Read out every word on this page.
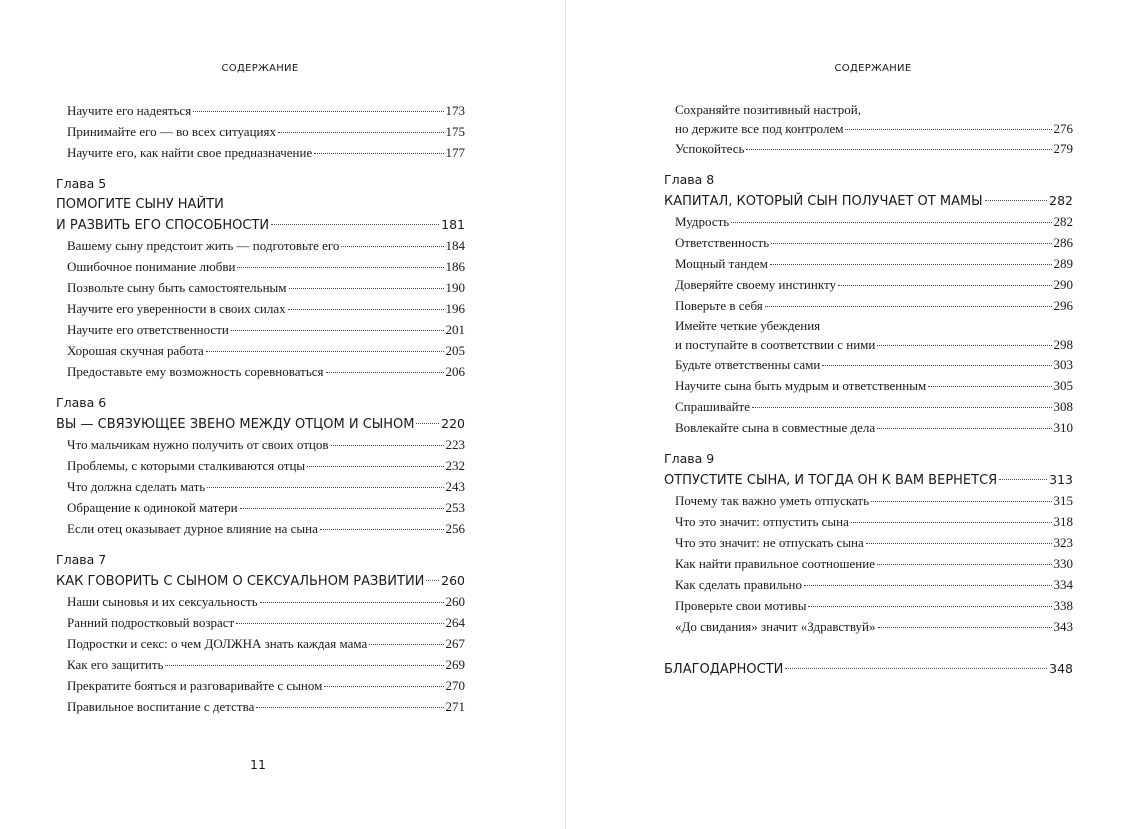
СОДЕРЖАНИЕ
Научите его надеяться	173
Принимайте его — во всех ситуациях	175
Научите его, как найти свое предназначение	177
Глава 5
ПОМОГИТЕ СЫНУ НАЙТИ
И РАЗВИТЬ ЕГО СПОСОБНОСТИ	181
Вашему сыну предстоит жить — подготовьте его	184
Ошибочное понимание любви	186
Позвольте сыну быть самостоятельным	190
Научите его уверенности в своих силах	196
Научите его ответственности	201
Хорошая скучная работа	205
Предоставьте ему возможность соревноваться	206
Глава 6
ВЫ — СВЯЗУЮЩЕЕ ЗВЕНО МЕЖДУ ОТЦОМ И СЫНОМ 220
Что мальчикам нужно получить от своих отцов	223
Проблемы, с которыми сталкиваются отцы	232
Что должна сделать мать	243
Обращение к одинокой матери	253
Если отец оказывает дурное влияние на сына	256
Глава 7
КАК ГОВОРИТЬ С СЫНОМ О СЕКСУАЛЬНОМ РАЗВИТИИ 260
Наши сыновья и их сексуальность	260
Ранний подростковый возраст	264
Подростки и секс: о чем ДОЛЖНА знать каждая мама	267
Как его защитить	269
Прекратите бояться и разговаривайте с сыном	270
Правильное воспитание с детства	271
11
СОДЕРЖАНИЕ
Сохраняйте позитивный настрой,
но держите все под контролем	276
Успокойтесь	279
Глава 8
КАПИТАЛ, КОТОРЫЙ СЫН ПОЛУЧАЕТ ОТ МАМЫ	282
Мудрость	282
Ответственность	286
Мощный тандем	289
Доверяйте своему инстинкту	290
Поверьте в себя	296
Имейте четкие убеждения
и поступайте в соответствии с ними	298
Будьте ответственны сами	303
Научите сына быть мудрым и ответственным	305
Спрашивайте	308
Вовлекайте сына в совместные дела	310
Глава 9
ОТПУСТИТЕ СЫНА, И ТОГДА ОН К ВАМ ВЕРНЕТСЯ	313
Почему так важно уметь отпускать	315
Что это значит: отпустить сына	318
Что это значит: не отпускать сына	323
Как найти правильное соотношение	330
Как сделать правильно	334
Проверьте свои мотивы	338
«До свидания» значит «Здравствуй»	343
БЛАГОДАРНОСТИ	348
